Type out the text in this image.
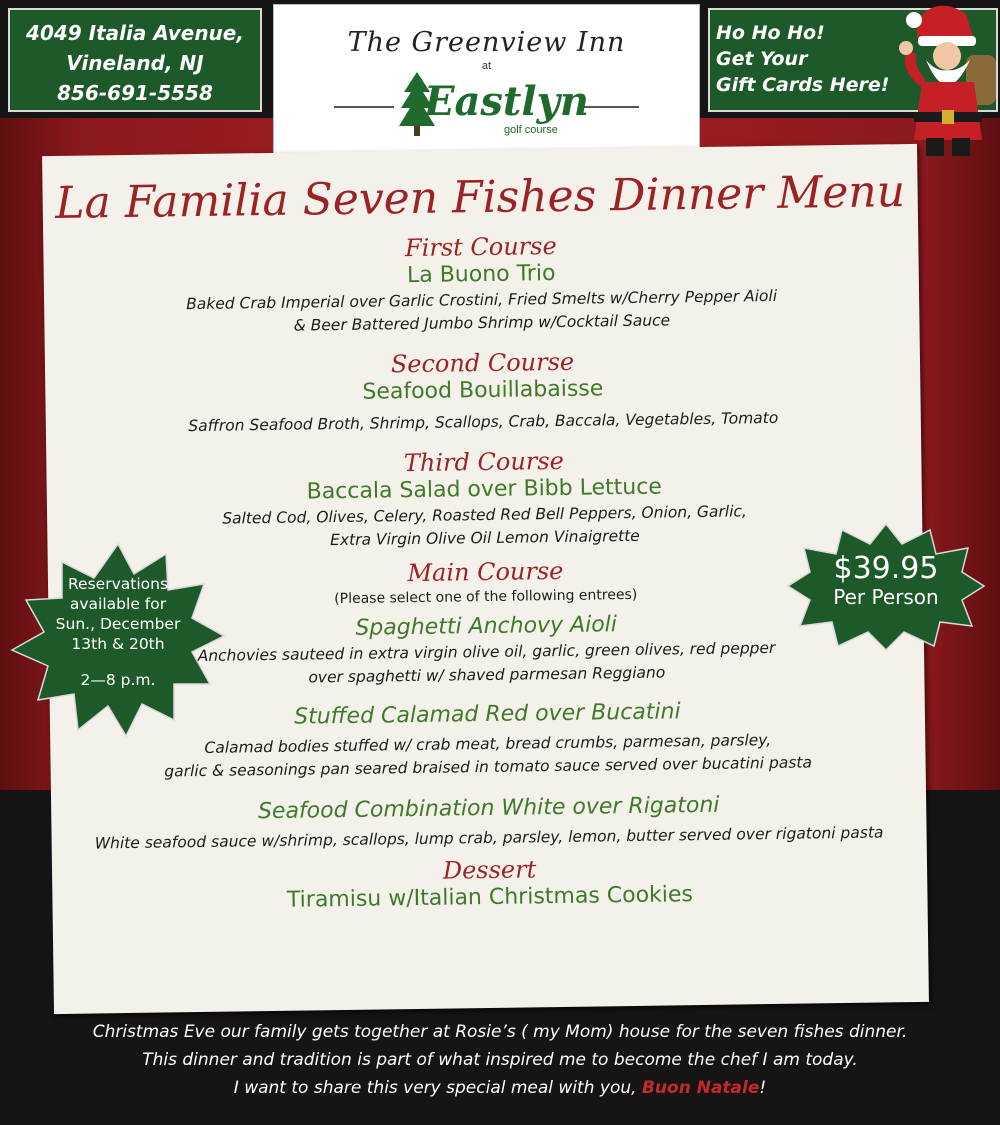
4049 Italia Avenue,
Vineland, NJ
856-691-5558
The Greenview Inn
at
Eastlyn
golf course
Ho Ho Ho!
Get Your
Gift Cards Here!
La Familia Seven Fishes Dinner Menu
First Course
La Buono Trio
Baked Crab Imperial over Garlic Crostini, Fried Smelts w/Cherry Pepper Aioli
& Beer Battered Jumbo Shrimp w/Cocktail Sauce
Second Course
Seafood Bouillabaisse
Saffron Seafood Broth, Shrimp, Scallops, Crab, Baccala, Vegetables, Tomato
Third Course
Baccala Salad over Bibb Lettuce
Salted Cod, Olives, Celery, Roasted Red Bell Peppers, Onion, Garlic,
Extra Virgin Olive Oil Lemon Vinaigrette
Main Course
(Please select one of the following entrees)
Spaghetti Anchovy Aioli
Anchovies sauteed in extra virgin olive oil, garlic, green olives, red pepper
over spaghetti w/ shaved parmesan Reggiano
Stuffed Calamad Red over Bucatini
Calamad bodies stuffed w/ crab meat, bread crumbs, parmesan, parsley,
garlic & seasonings pan seared braised in tomato sauce served over bucatini pasta
Seafood Combination White over Rigatoni
White seafood sauce w/shrimp, scallops, lump crab, parsley, lemon, butter served over rigatoni pasta
Dessert
Tiramisu w/Italian Christmas Cookies
Reservations
available for
Sun., December
13th & 20th
2—8 p.m.
$39.95
Per Person
Christmas Eve our family gets together at Rosie’s ( my Mom) house for the seven fishes dinner.
This dinner and tradition is part of what inspired me to become the chef I am today.
I want to share this very special meal with you, Buon Natale!
